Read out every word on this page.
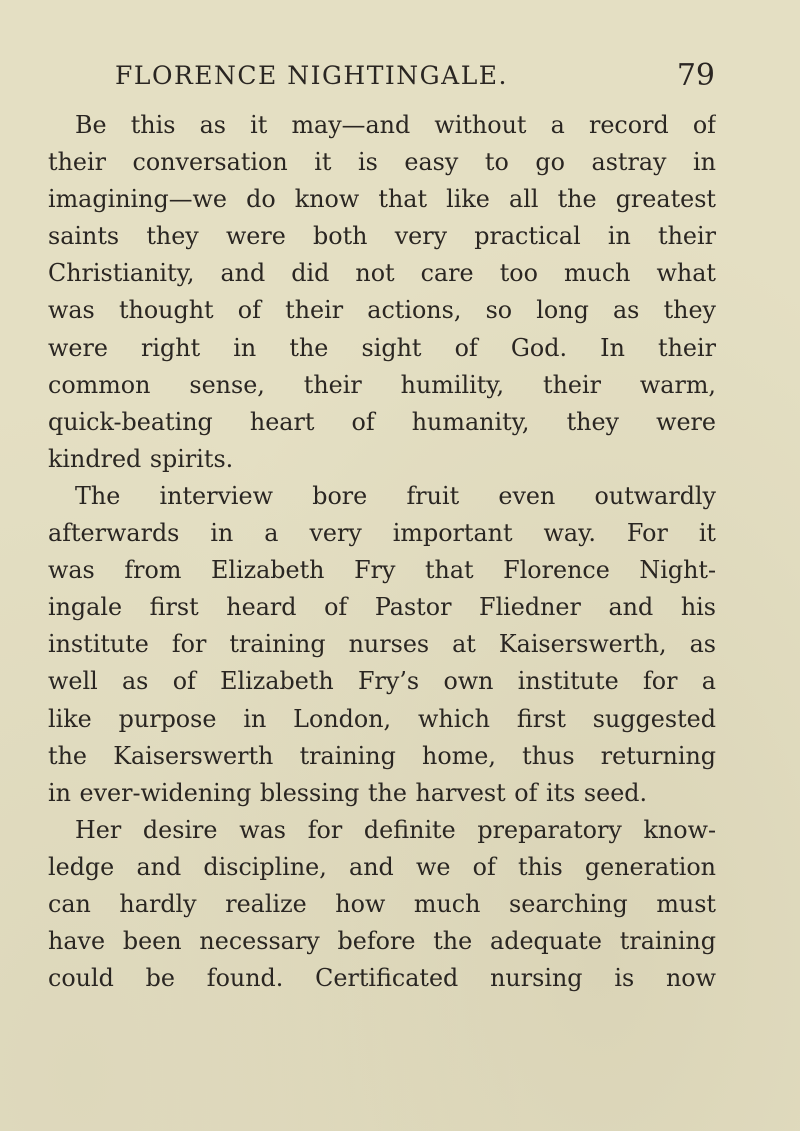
FLORENCE NIGHTINGALE.	79
Be this as it may—and without a record of
their conversation it is easy to go astray in
imagining—we do know that like all the greatest
saints they were both very practical in their
Christianity, and did not care too much what
was thought of their actions, so long as they
were right in the sight of God. In their
common sense, their humility, their warm,
quick-beating heart of humanity, they were
kindred spirits.
The interview bore fruit even outwardly
afterwards in a very important way. For it
was from Elizabeth Fry that Florence Night-
ingale first heard of Pastor Fliedner and his
institute for training nurses at Kaiserswerth, as
well as of Elizabeth Fry’s own institute for a
like purpose in London, which first suggested
the Kaiserswerth training home, thus returning
in ever-widening blessing the harvest of its seed.
Her desire was for definite preparatory know-
ledge and discipline, and we of this generation
can hardly realize how much searching must
have been necessary before the adequate training
could be found. Certificated nursing is now
